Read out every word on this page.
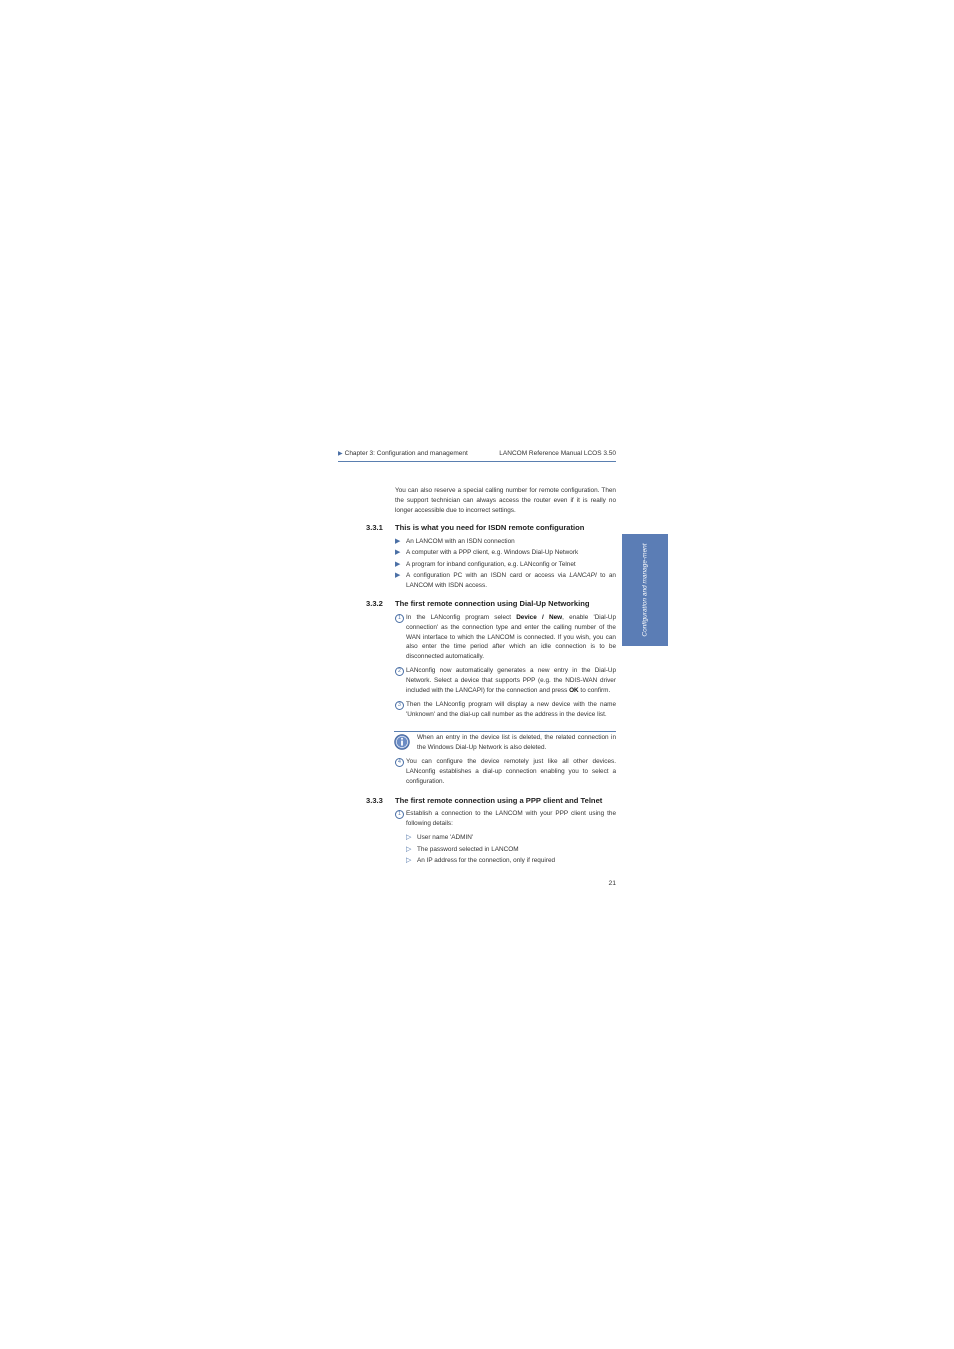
▶ Chapter 3: Configuration and management	LANCOM Reference Manual LCOS 3.50
Configuration and manage-ment
You can also reserve a special calling number for remote configuration. Then the support technician can always access the router even if it is really no longer accessible due to incorrect settings.
3.3.1 This is what you need for ISDN remote configuration
▶ An LANCOM with an ISDN connection
▶ A computer with a PPP client, e.g. Windows Dial-Up Network
▶ A program for inband configuration, e.g. LANconfig or Telnet
▶ A configuration PC with an ISDN card or access via LANCAPI to an LANCOM with ISDN access.
3.3.2 The first remote connection using Dial-Up Networking
1 In the LANconfig program select Device / New, enable 'Dial-Up connection' as the connection type and enter the calling number of the WAN interface to which the LANCOM is connected. If you wish, you can also enter the time period after which an idle connection is to be disconnected automatically.
2 LANconfig now automatically generates a new entry in the Dial-Up Network. Select a device that supports PPP (e.g. the NDIS-WAN driver included with the LANCAPI) for the connection and press OK to confirm.
3 Then the LANconfig program will display a new device with the name 'Unknown' and the dial-up call number as the address in the device list.
When an entry in the device list is deleted, the related connection in the Windows Dial-Up Network is also deleted.
4 You can configure the device remotely just like all other devices. LANconfig establishes a dial-up connection enabling you to select a configuration.
3.3.3 The first remote connection using a PPP client and Telnet
1 Establish a connection to the LANCOM with your PPP client using the following details:
▷ User name 'ADMIN'
▷ The password selected in LANCOM
▷ An IP address for the connection, only if required
21
